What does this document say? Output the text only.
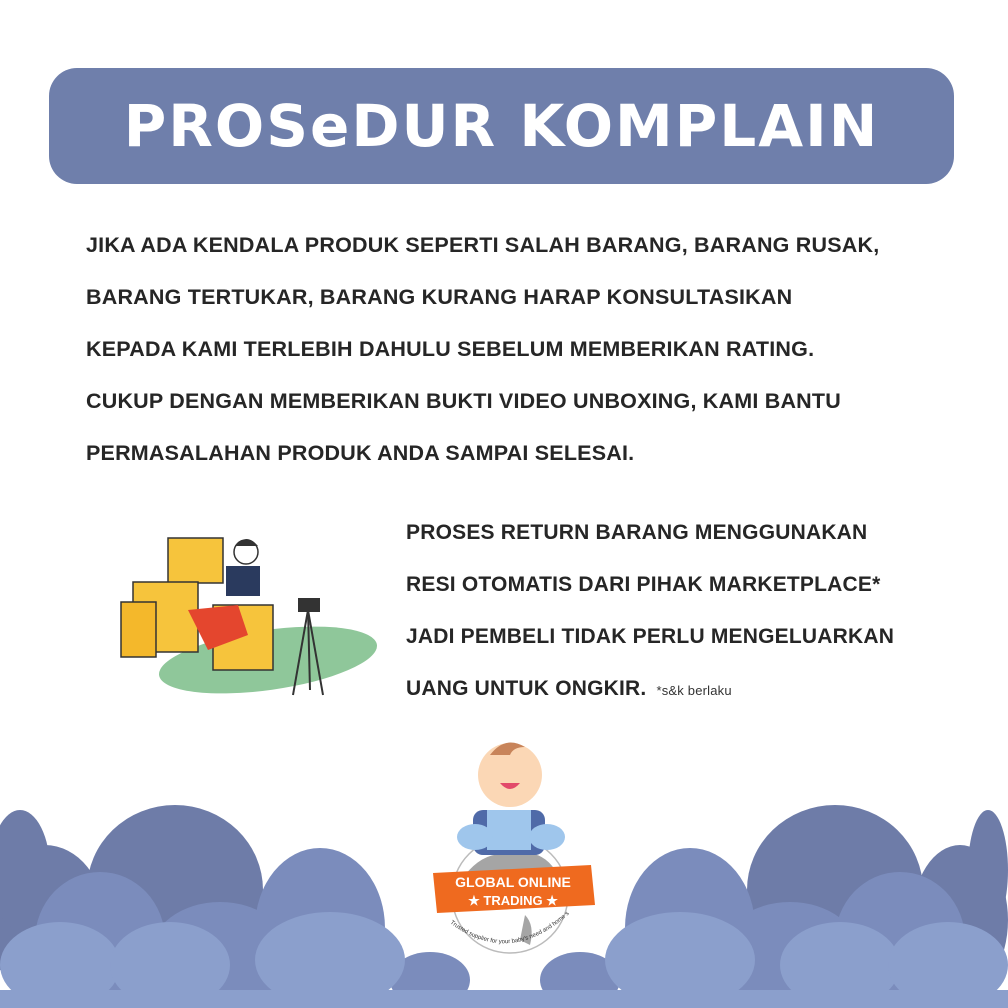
PROSeDUR KOMPLAIN
JIKA ADA KENDALA PRODUK SEPERTI SALAH BARANG, BARANG RUSAK,
BARANG TERTUKAR, BARANG KURANG HARAP KONSULTASIKAN
KEPADA KAMI TERLEBIH DAHULU SEBELUM MEMBERIKAN RATING.
CUKUP DENGAN MEMBERIKAN BUKTI VIDEO UNBOXING, KAMI BANTU
PERMASALAHAN PRODUK ANDA SAMPAI SELESAI.
PROSES RETURN BARANG MENGGUNAKAN
RESI OTOMATIS DARI PIHAK MARKETPLACE*
JADI PEMBELI TIDAK PERLU MENGELUARKAN
UANG UNTUK ONGKIR. *s&k berlaku
GLOBAL ONLINE
★ TRADING ★
Trusted supplier for your baby's need and home s
